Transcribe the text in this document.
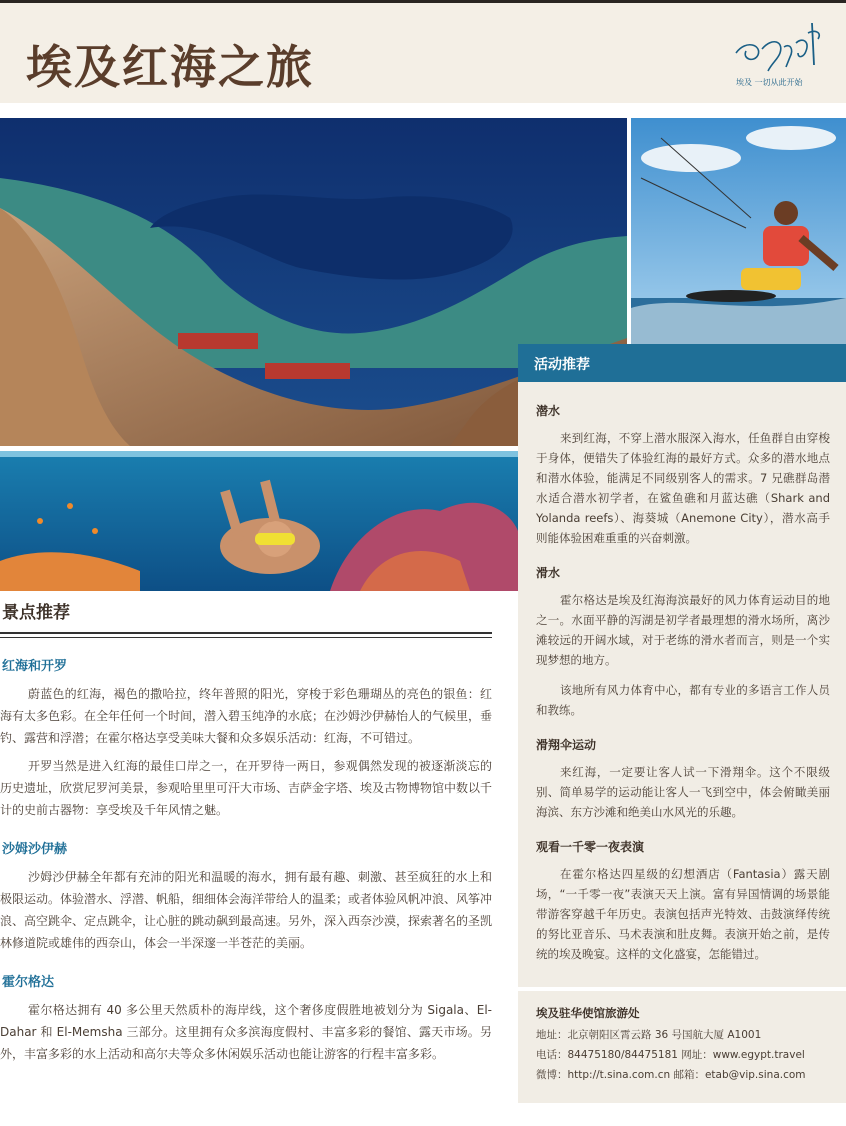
埃及红海之旅	埃及 一切从此开始
活动推荐
潜水

来到红海，不穿上潜水服深入海水，任鱼群自由穿梭于身体，便错失了体验红海的最好方式。众多的潜水地点和潜水体验，能满足不同级别客人的需求。7 兄礁群岛潜水适合潜水初学者，在鲨鱼礁和月蓝达礁（Shark and Yolanda reefs）、海葵城（Anemone City），潜水高手则能体验困难重重的兴奋刺激。

滑水

霍尔格达是埃及红海海滨最好的风力体育运动目的地之一。水面平静的泻湖是初学者最理想的滑水场所，离沙滩较远的开阔水域，对于老练的滑水者而言，则是一个实现梦想的地方。

该地所有风力体育中心，都有专业的多语言工作人员和教练。

滑翔伞运动

来红海，一定要让客人试一下滑翔伞。这个不限级别、简单易学的运动能让客人一飞到空中，体会俯瞰美丽海滨、东方沙滩和绝美山水风光的乐趣。

观看一千零一夜表演

在霍尔格达四星级的幻想酒店（Fantasia）露天剧场，“一千零一夜”表演天天上演。富有异国情调的场景能带游客穿越千年历史。表演包括声光特效、击鼓演绎传统的努比亚音乐、马术表演和肚皮舞。表演开始之前，是传统的埃及晚宴。这样的文化盛宴，怎能错过。

埃及驻华使馆旅游处
地址：北京朝阳区霄云路 36 号国航大厦 A1001
电话：84475180/84475181 网址：www.egypt.travel
微博：http://t.sina.com.cn 邮箱：etab@vip.sina.com
景点推荐
红海和开罗

蔚蓝色的红海，褐色的撒哈拉，终年普照的阳光，穿梭于彩色珊瑚丛的亮色的银鱼：红海有太多色彩。在全年任何一个时间，潜入碧玉纯净的水底；在沙姆沙伊赫怡人的气候里，垂钓、露营和浮潜；在霍尔格达享受美味大餐和众多娱乐活动：红海，不可错过。

开罗当然是进入红海的最佳口岸之一，在开罗待一两日，参观偶然发现的被逐渐淡忘的历史遗址，欣赏尼罗河美景，参观哈里里可汗大市场、吉萨金字塔、埃及古物博物馆中数以千计的史前古器物：享受埃及千年风情之魅。

沙姆沙伊赫

沙姆沙伊赫全年都有充沛的阳光和温暖的海水，拥有最有趣、刺激、甚至疯狂的水上和极限运动。体验潜水、浮潜、帆船，细细体会海洋带给人的温柔；或者体验风帆冲浪、风筝冲浪、高空跳伞、定点跳伞，让心脏的跳动飙到最高速。另外，深入西奈沙漠，探索著名的圣凯林修道院或雄伟的西奈山，体会一半深邃一半苍茫的美丽。

霍尔格达

霍尔格达拥有 40 多公里天然质朴的海岸线，这个奢侈度假胜地被划分为 Sigala、El-Dahar 和 El-Memsha 三部分。这里拥有众多滨海度假村、丰富多彩的餐馆、露天市场。另外，丰富多彩的水上活动和高尔夫等众多休闲娱乐活动也能让游客的行程丰富多彩。
